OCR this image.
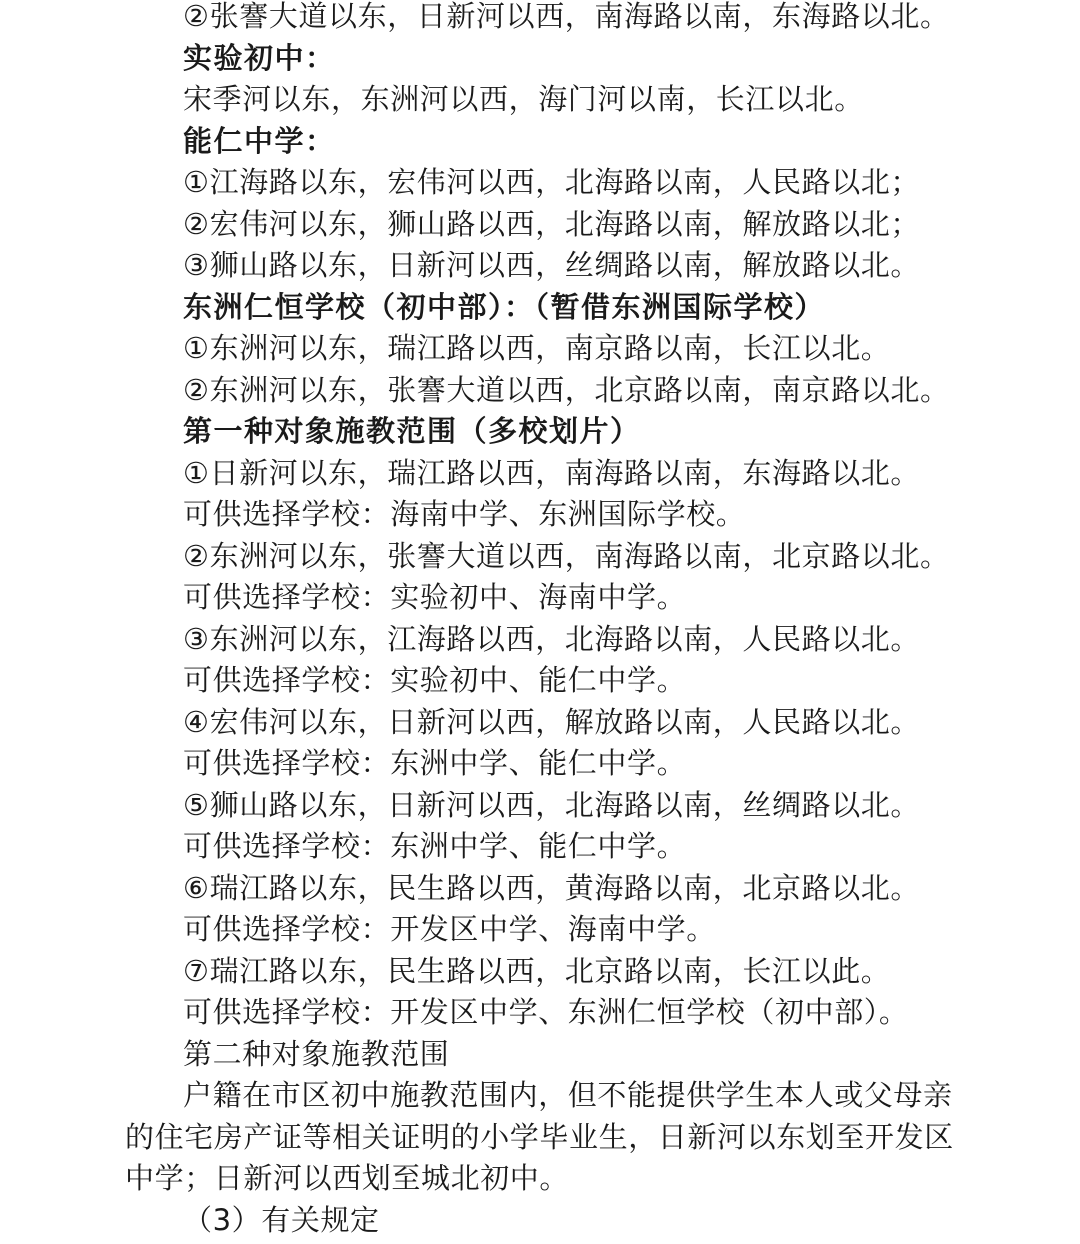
②张謇大道以东，日新河以西，南海路以南，东海路以北。
实验初中：
宋季河以东，东洲河以西，海门河以南，长江以北。
能仁中学：
①江海路以东，宏伟河以西，北海路以南，人民路以北；
②宏伟河以东，狮山路以西，北海路以南，解放路以北；
③狮山路以东，日新河以西，丝绸路以南，解放路以北。
东洲仁恒学校（初中部）：（暂借东洲国际学校）
①东洲河以东，瑞江路以西，南京路以南，长江以北。
②东洲河以东，张謇大道以西，北京路以南，南京路以北。
第一种对象施教范围（多校划片）
①日新河以东，瑞江路以西，南海路以南，东海路以北。
可供选择学校：海南中学、东洲国际学校。
②东洲河以东，张謇大道以西，南海路以南，北京路以北。
可供选择学校：实验初中、海南中学。
③东洲河以东，江海路以西，北海路以南，人民路以北。
可供选择学校：实验初中、能仁中学。
④宏伟河以东，日新河以西，解放路以南，人民路以北。
可供选择学校：东洲中学、能仁中学。
⑤狮山路以东，日新河以西，北海路以南，丝绸路以北。
可供选择学校：东洲中学、能仁中学。
⑥瑞江路以东，民生路以西，黄海路以南，北京路以北。
可供选择学校：开发区中学、海南中学。
⑦瑞江路以东，民生路以西，北京路以南，长江以此。
可供选择学校：开发区中学、东洲仁恒学校（初中部）。
第二种对象施教范围
户籍在市区初中施教范围内，但不能提供学生本人或父母亲
的住宅房产证等相关证明的小学毕业生，日新河以东划至开发区
中学；日新河以西划至城北初中。
（3）有关规定
